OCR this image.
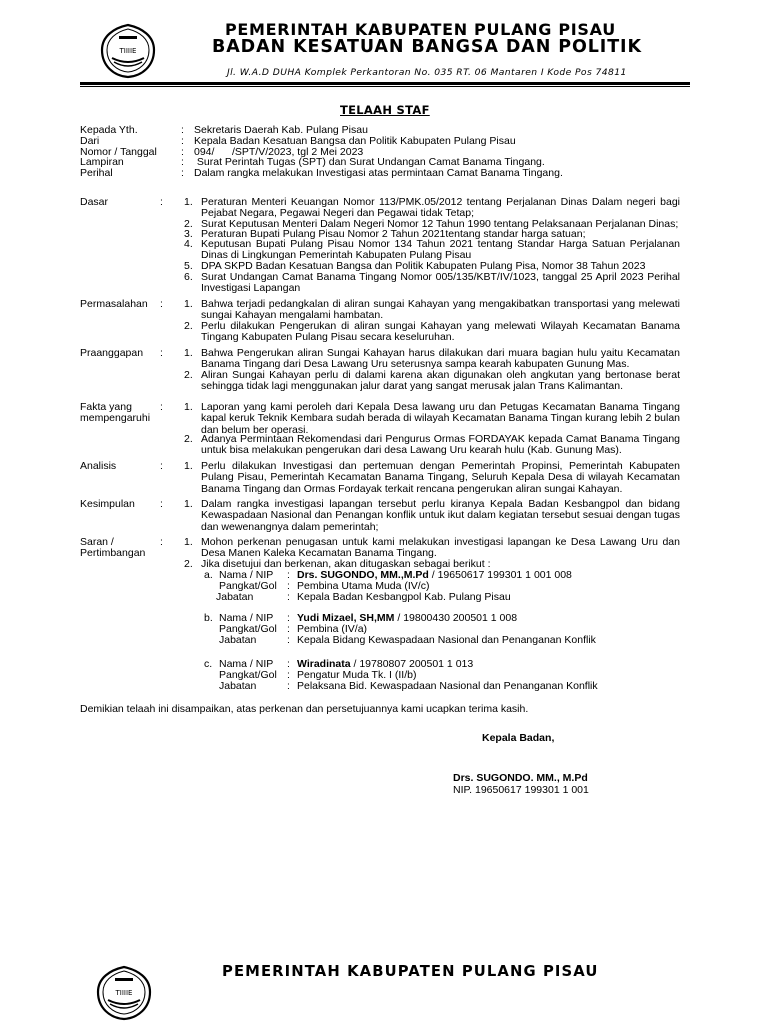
TIIIIE
PEMERINTAH KABUPATEN PULANG PISAU
BADAN KESATUAN BANGSA DAN POLITIK
Jl. W.A.D DUHA Komplek Perkantoran No. 035 RT. 06 Mantaren I Kode Pos 74811
TELAAH STAF
Kepada Yth.	: Sekretaris Daerah Kab. Pulang Pisau
Dari	: Kepala Badan Kesatuan Bangsa dan Politik Kabupaten Pulang Pisau
Nomor / Tanggal : 094/      /SPT/V/2023, tgl 2 Mei 2023
Lampiran	: Surat Perintah Tugas (SPT) dan Surat Undangan Camat Banama Tingang.
Perihal	: Dalam rangka melakukan Investigasi atas permintaan Camat Banama Tingang.
Dasar	: 1. Peraturan Menteri Keuangan Nomor 113/PMK.05/2012 tentang Perjalanan Dinas Dalam negeri bagi Pejabat Negara, Pegawai Negeri dan Pegawai tidak Tetap;
2. Surat Keputusan Menteri Dalam Negeri Nomor 12 Tahun 1990 tentang Pelaksanaan Perjalanan Dinas;
3. Peraturan Bupati Pulang Pisau Nomor 2 Tahun 2021tentang standar harga satuan;
4. Keputusan Bupati Pulang Pisau Nomor 134 Tahun 2021 tentang Standar Harga Satuan Perjalanan Dinas di Lingkungan Pemerintah Kabupaten Pulang Pisau
5. DPA SKPD Badan Kesatuan Bangsa dan Politik Kabupaten Pulang Pisa, Nomor 38 Tahun 2023
6. Surat Undangan Camat Banama Tingang Nomor 005/135/KBT/IV/1023, tanggal 25 April 2023 Perihal Investigasi Lapangan
Permasalahan : 1. Bahwa terjadi pedangkalan di aliran sungai Kahayan yang mengakibatkan transportasi yang melewati sungai Kahayan mengalami hambatan.
2. Perlu dilakukan Pengerukan di aliran sungai Kahayan yang melewati Wilayah Kecamatan Banama Tingang Kabupaten Pulang Pisau secara keseluruhan.
Praanggapan : 1. Bahwa Pengerukan aliran Sungai Kahayan harus dilakukan dari muara bagian hulu yaitu Kecamatan Banama Tingang dari Desa Lawang Uru seterusnya sampa kearah kabupaten Gunung Mas.
2. Aliran Sungai Kahayan perlu di dalami karena akan digunakan oleh angkutan yang bertonase berat sehingga tidak lagi menggunakan jalur darat yang sangat merusak jalan Trans Kalimantan.
Fakta yang
mempengaruhi
: 1. Laporan yang kami peroleh dari Kepala Desa lawang uru dan Petugas Kecamatan Banama Tingang kapal keruk Teknik Kembara sudah berada di wilayah Kecamatan Banama Tingan kurang lebih 2 bulan dan belum ber operasi.
2. Adanya Permintaan Rekomendasi dari Pengurus Ormas FORDAYAK kepada Camat Banama Tingang untuk bisa melakukan pengerukan dari desa Lawang Uru kearah hulu (Kab. Gunung Mas).
Analisis	: 1. Perlu dilakukan Investigasi dan pertemuan dengan Pemerintah Propinsi, Pemerintah Kabupaten Pulang Pisau, Pemerintah Kecamatan Banama Tingang, Seluruh Kepala Desa di wilayah Kecamatan Banama Tingang dan Ormas Fordayak terkait rencana pengerukan aliran sungai Kahayan.
Kesimpulan : 1. Dalam rangka investigasi lapangan tersebut perlu kiranya Kepala Badan Kesbangpol dan bidang Kewaspadaan Nasional dan Penangan konflik untuk ikut dalam kegiatan tersebut sesuai dengan tugas dan wewenangnya dalam pemerintah;
Saran /
Pertimbangan
: 1. Mohon perkenan penugasan untuk kami melakukan investigasi lapangan ke Desa Lawang Uru dan Desa Manen Kaleka Kecamatan Banama Tingang.
2. Jika disetujui dan berkenan, akan ditugaskan sebagai berikut :
a. Nama / NIP : Drs. SUGONDO, MM.,M.Pd / 19650617 199301 1 001 008
Pangkat/Gol : Pembina Utama Muda (IV/c)
Jabatan	: Kepala Badan Kesbangpol Kab. Pulang Pisau
b. Nama / NIP : Yudi Mizael, SH,MM / 19800430 200501 1 008
Pangkat/Gol : Pembina (IV/a)
Jabatan	: Kepala Bidang Kewaspadaan Nasional dan Penanganan Konflik
c. Nama / NIP : Wiradinata / 19780807 200501 1 013
Pangkat/Gol : Pengatur Muda Tk. I (II/b)
Jabatan	: Pelaksana Bid. Kewaspadaan Nasional dan Penanganan Konflik
Demikian telaah ini disampaikan, atas perkenan dan persetujuannya kami ucapkan terima kasih.
Kepala Badan,
Drs. SUGONDO. MM., M.Pd
NIP. 19650617 199301 1 001
TIIIIE
PEMERINTAH KABUPATEN PULANG PISAU
